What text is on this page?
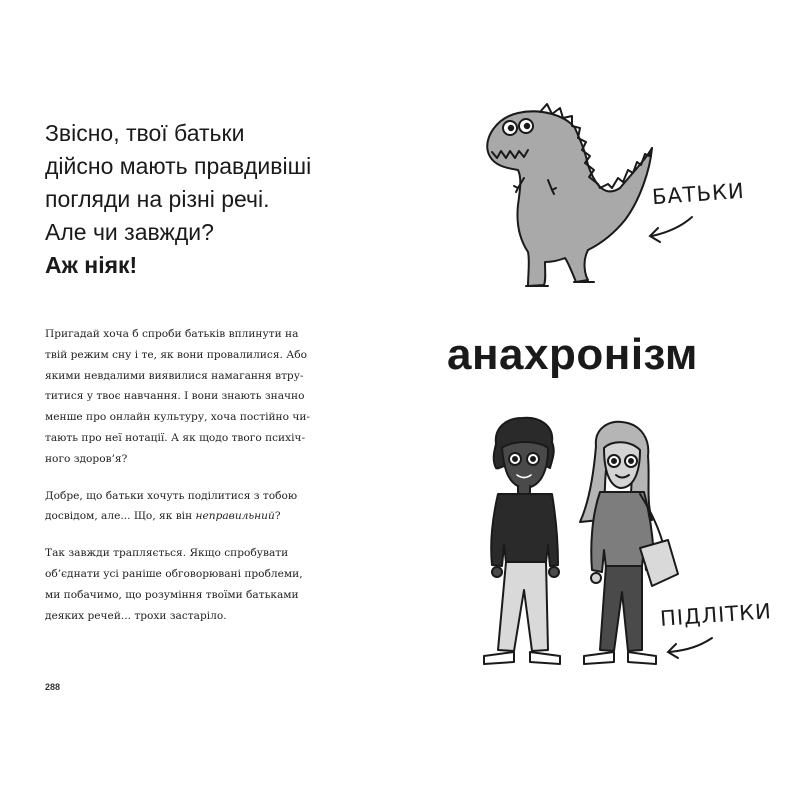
Звісно, твої батьки
дійсно мають правдивіші
погляди на різні речі.
Але чи завжди?
Аж ніяк!

Пригадай хоча б спроби батьків вплинути на
твій режим сну і те, як вони провалилися. Або
якими невдалими виявилися намагання втру-
титися у твоє навчання. І вони знають значно
менше про онлайн культуру, хоча постійно чи-
тають про неї нотації. А як щодо твого психіч-
ного здоров’я?

Добре, що батьки хочуть поділитися з тобою
досвідом, але... Що, як він неправильний?

Так завжди трапляється. Якщо спробувати
об’єднати усі раніше обговорювані проблеми,
ми побачимо, що розуміння твоїми батьками
деяких речей... трохи застаріло.

288
анахронізм
БАТЬКИ
ПІДЛІТКИ
